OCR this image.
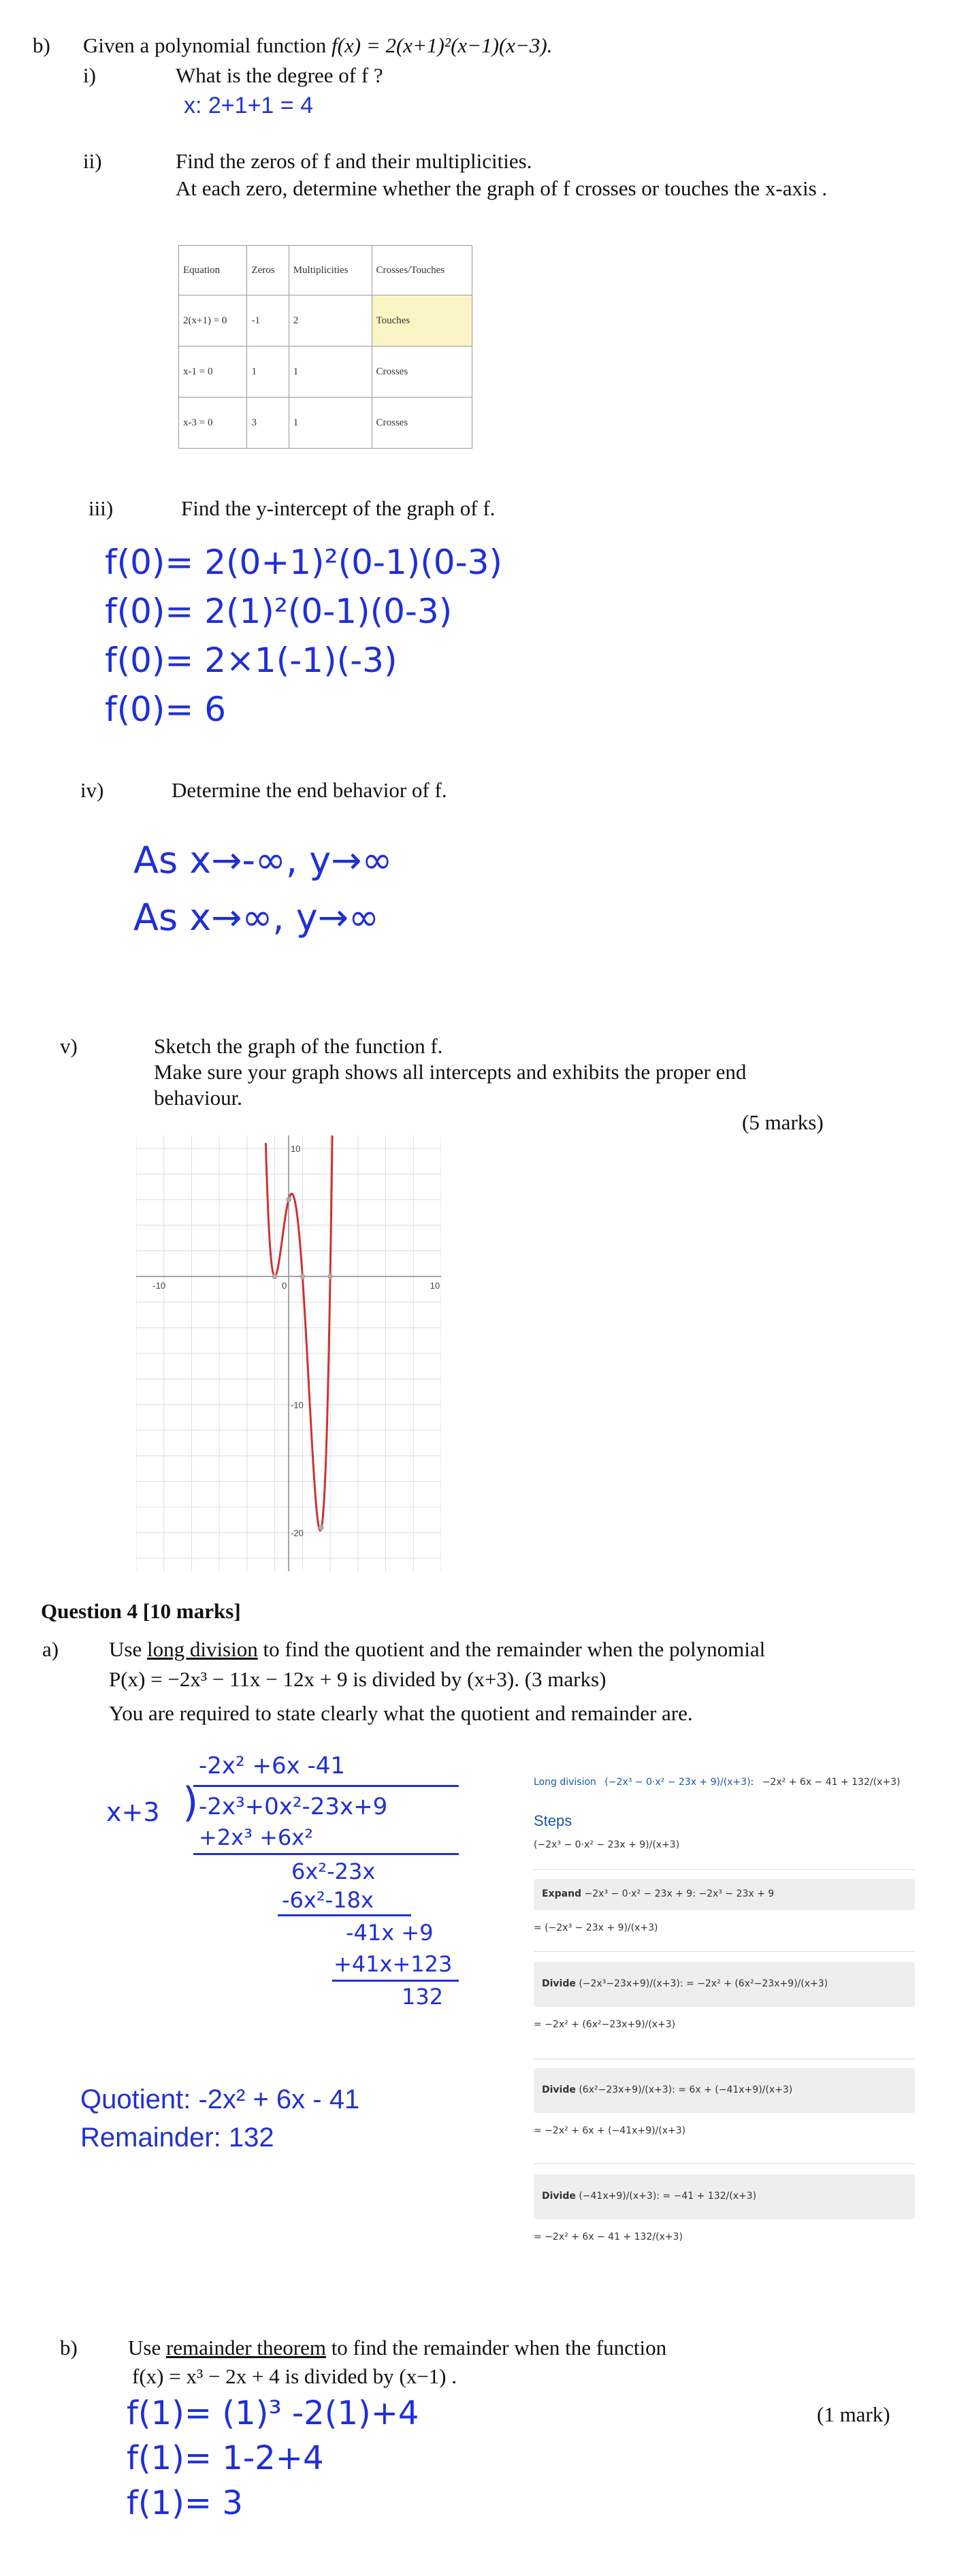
b) Given a polynomial function f(x) = 2(x+1)²(x−1)(x−3).
i)	What is the degree of f ?
x: 2+1+1 = 4
ii)	Find the zeros of f and their multiplicities.
At each zero, determine whether the graph of f crosses or touches the x-axis .
Equation	Zeros	Multiplicities	Crosses/Touches
2(x+1) = 0	-1	2	Touches
x-1 = 0	1	1	Crosses
x-3 = 0	3	1	Crosses
iii)	Find the y-intercept of the graph of f.
f(0)= 2(0+1)²(0-1)(0-3)
f(0)= 2(1)²(0-1)(0-3)
f(0)= 2×1(-1)(-3)
f(0)= 6
iv)	Determine the end behavior of f.
As x→-∞, y→∞
As x→∞, y→∞
v)	Sketch the graph of the function f.
Make sure your graph shows all intercepts and exhibits the proper end behaviour.
(5 marks)
-10	0	10
10
-10
-20
Question 4 [10 marks]
a) Use long division to find the quotient and the remainder when the polynomial
P(x) = −2x³ − 11x − 12x + 9 is divided by (x+3). (3 marks)
You are required to state clearly what the quotient and remainder are.
-2x² +6x -41
x+3 ) -2x³+0x²-23x+9
+2x³ +6x²
6x²-23x
-6x²-18x
-41x +9
+41x+123
132
Quotient: -2x² + 6x - 41
Remainder: 132
Long division (−2x³ − 0·x² − 23x + 9)/(x+3): −2x² + 6x − 41 + 132/(x+3)
Steps
(−2x³ − 0·x² − 23x + 9)/(x+3)
Expand −2x³ − 0·x² − 23x + 9: −2x³ − 23x + 9
= (−2x³ − 23x + 9)/(x+3)
Divide (−2x³−23x+9)/(x+3): = −2x² + (6x²−23x+9)/(x+3)
= −2x² + (6x²−23x+9)/(x+3)
Divide (6x²−23x+9)/(x+3): = 6x + (−41x+9)/(x+3)
= −2x² + 6x + (−41x+9)/(x+3)
Divide (−41x+9)/(x+3): = −41 + 132/(x+3)
= −2x² + 6x − 41 + 132/(x+3)
b) Use remainder theorem to find the remainder when the function
f(x) = x³ − 2x + 4 is divided by (x−1) .
(1 mark)
f(1)= (1)³ -2(1)+4
f(1)= 1-2+4
f(1)= 3
